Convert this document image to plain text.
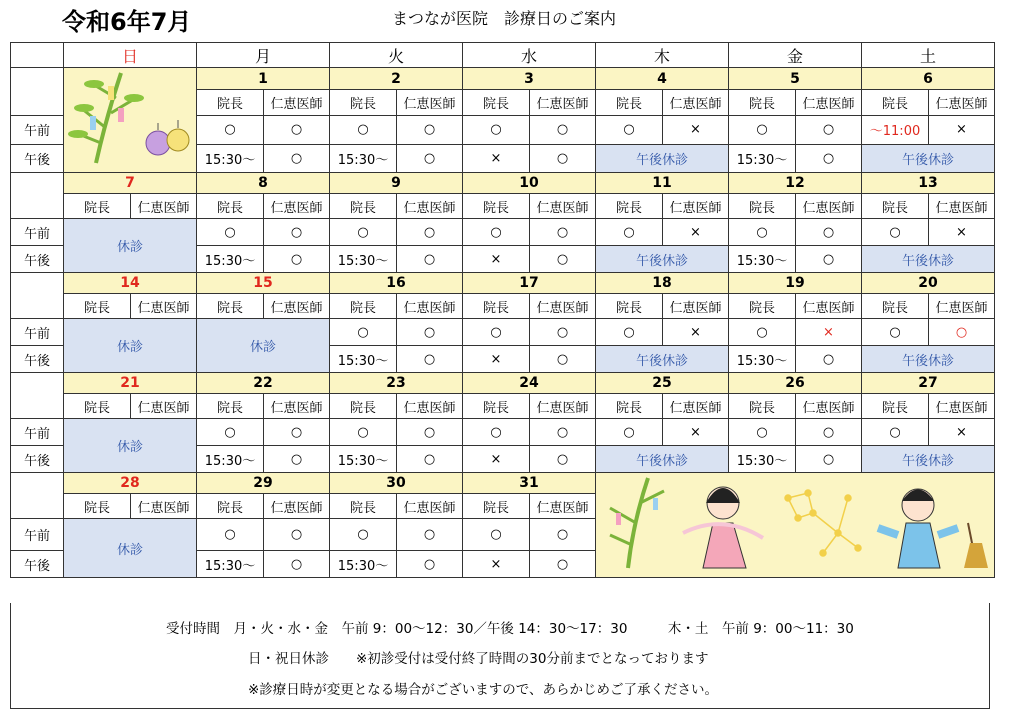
令和6年7月	まつなが医院　診療日のご案内
	日		月		火		水		木		金		土	
		1		2		3		4		5		6	
			院長	仁恵医師	院長	仁恵医師	院長	仁恵医師	院長	仁恵医師	院長	仁恵医師	院長	仁恵医師
午前			○	○	○	○	○	○	○	×	○	○	～11:00	×
午後			15:30～	○	15:30～	○	×	○	午後休診		15:30～	○	午後休診	
	7		8		9		10		11		12		13	
	院長	仁恵医師	院長	仁恵医師	院長	仁恵医師	院長	仁恵医師	院長	仁恵医師	院長	仁恵医師	院長	仁恵医師
午前	休診		○	○	○	○	○	○	○	×	○	○	○	×
午後			15:30～	○	15:30～	○	×	○	午後休診		15:30～	○	午後休診	
	14		15		16		17		18		19		20	
	院長	仁恵医師	院長	仁恵医師	院長	仁恵医師	院長	仁恵医師	院長	仁恵医師	院長	仁恵医師	院長	仁恵医師
午前	休診		休診		○	○	○	○	○	×	○	×	○	○
午後					15:30～	○	×	○	午後休診		15:30～	○	午後休診	
	21		22		23		24		25		26		27	
	院長	仁恵医師	院長	仁恵医師	院長	仁恵医師	院長	仁恵医師	院長	仁恵医師	院長	仁恵医師	院長	仁恵医師
午前	休診		○	○	○	○	○	○	○	×	○	○	○	×
午後			15:30～	○	15:30～	○	×	○	午後休診		15:30～	○	午後休診	
	28		29		30		31	
	院長	仁恵医師	院長	仁恵医師	院長	仁恵医師	院長	仁恵医師						
午前	休診		○	○	○	○	○	○						
午後			15:30～	○	15:30～	○	×	○						
受付時間　月・火・水・金　午前 9：00～12：30／午後 14：30～17：30　　　木・土　午前 9：00～11：30
日・祝日休診　　※初診受付は受付終了時間の30分前までとなっております
※診療日時が変更となる場合がございますので、あらかじめご了承ください。
